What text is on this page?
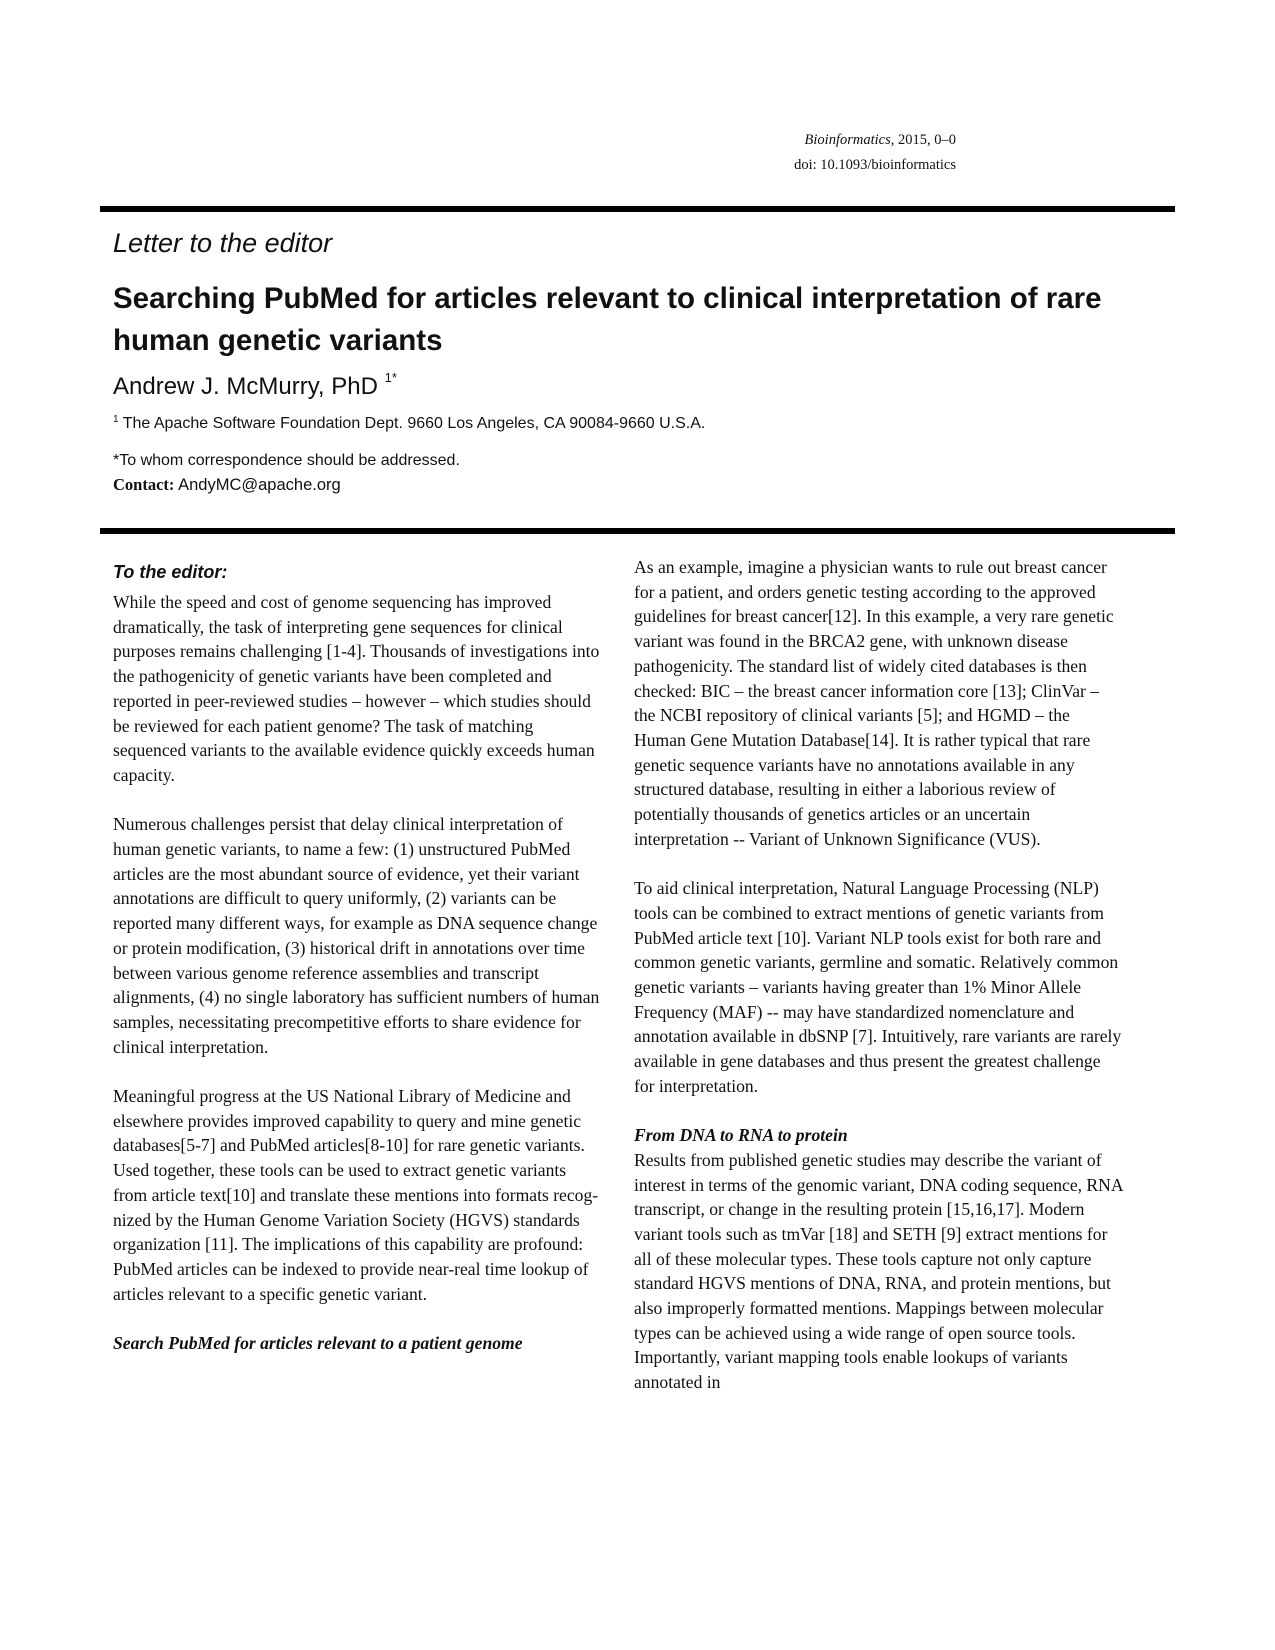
Bioinformatics, 2015, 0–0
doi: 10.1093/bioinformatics
Letter to the editor
Searching PubMed for articles relevant to clinical interpretation of rare human genetic variants
Andrew J. McMurry, PhD $^{1*}$
$^1$ The Apache Software Foundation Dept. 9660 Los Angeles, CA 90084-9660 U.S.A.
*To whom correspondence should be addressed.
Contact: AndyMC@apache.org
To the editor:

While the speed and cost of genome sequencing has improved dramatically, the task of interpreting gene sequences for clinical purposes remains challenging [1-4]. Thousands of investigations into the pathogenicity of genetic variants have been completed and reported in peer-reviewed studies – however – which studies should be reviewed for each patient genome? The task of matching sequenced variants to the available evidence quickly exceeds human capacity.

Numerous challenges persist that delay clinical interpretation of human genetic variants, to name a few: (1) unstructured PubMed articles are the most abundant source of evidence, yet their variant annotations are difficult to query uniformly, (2) variants can be reported many different ways, for example as DNA sequence change or protein modification, (3) historical drift in annotations over time between various genome reference assemblies and transcript alignments, (4) no single laboratory has sufficient numbers of human samples, necessitating precompetitive efforts to share evidence for clinical interpretation.

Meaningful progress at the US National Library of Medicine and elsewhere provides improved capability to query and mine genetic databases[5-7] and PubMed articles[8-10] for rare genetic variants. Used together, these tools can be used to extract genetic variants from article text[10] and translate these mentions into formats recognized by the Human Genome Variation Society (HGVS) standards organization [11]. The implications of this capability are profound: PubMed articles can be indexed to provide near-real time lookup of articles relevant to a specific genetic variant.

Search PubMed for articles relevant to a patient genome

As an example, imagine a physician wants to rule out breast cancer for a patient, and orders genetic testing according to the approved guidelines for breast cancer[12]. In this example, a very rare genetic variant was found in the BRCA2 gene, with unknown disease pathogenicity. The standard list of widely cited databases is then checked: BIC – the breast cancer information core [13]; ClinVar – the NCBI repository of clinical variants [5]; and HGMD – the Human Gene Mutation Database[14]. It is rather typical that rare genetic sequence variants have no annotations available in any structured database, resulting in either a laborious review of potentially thousands of genetics articles or an uncertain interpretation -- Variant of Unknown Significance (VUS).

To aid clinical interpretation, Natural Language Processing (NLP) tools can be combined to extract mentions of genetic variants from PubMed article text [10]. Variant NLP tools exist for both rare and common genetic variants, germline and somatic. Relatively common genetic variants – variants having greater than 1% Minor Allele Frequency (MAF) -- may have standardized nomenclature and annotation available in dbSNP [7]. Intuitively, rare variants are rarely available in gene databases and thus present the greatest challenge for interpretation.

From DNA to RNA to protein

Results from published genetic studies may describe the variant of interest in terms of the genomic variant, DNA coding sequence, RNA transcript, or change in the resulting protein [15,16,17]. Modern variant tools such as tmVar [18] and SETH [9] extract mentions for all of these molecular types. These tools capture not only capture standard HGVS mentions of DNA, RNA, and protein mentions, but also improperly formatted mentions. Mappings between molecular types can be achieved using a wide range of open source tools. Importantly, variant mapping tools enable lookups of variants annotated in
